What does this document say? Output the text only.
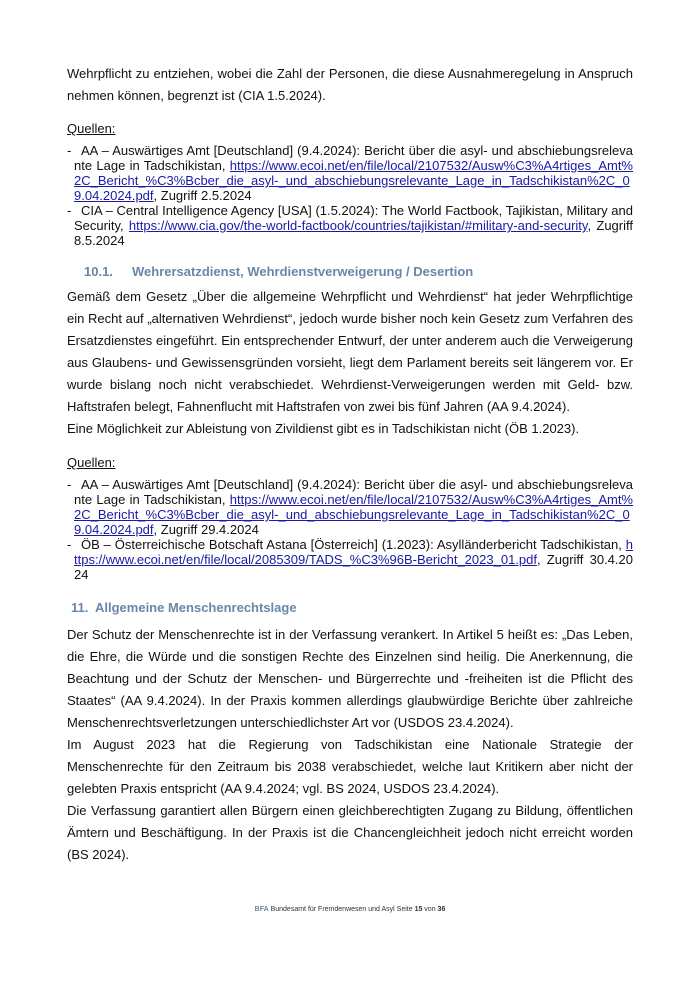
Wehrpflicht zu entziehen, wobei die Zahl der Personen, die diese Ausnahmeregelung in Anspruch nehmen können, begrenzt ist (CIA 1.5.2024).

Quellen:

- AA – Auswärtiges Amt [Deutschland] (9.4.2024): Bericht über die asyl- und abschiebungsrelevante Lage in Tadschikistan, https://www.ecoi.net/en/file/local/2107532/Ausw%C3%A4rtiges_Amt%2C_Bericht_%C3%Bcber_die_asyl-_und_abschiebungsrelevante_Lage_in_Tadschikistan%2C_09.04.2024.pdf, Zugriff 2.5.2024
- CIA – Central Intelligence Agency [USA] (1.5.2024): The World Factbook, Tajikistan, Military and Security, https://www.cia.gov/the-world-factbook/countries/tajikistan/#military-and-security, Zugriff 8.5.2024

10.1. Wehrersatzdienst, Wehrdienstverweigerung / Desertion

Gemäß dem Gesetz „Über die allgemeine Wehrpflicht und Wehrdienst“ hat jeder Wehrpflichtige ein Recht auf „alternativen Wehrdienst“, jedoch wurde bisher noch kein Gesetz zum Verfahren des Ersatzdienstes eingeführt. Ein entsprechender Entwurf, der unter anderem auch die Verweigerung aus Glaubens- und Gewissensgründen vorsieht, liegt dem Parlament bereits seit längerem vor. Er wurde bislang noch nicht verabschiedet. Wehrdienst-Verweigerungen werden mit Geld- bzw. Haftstrafen belegt, Fahnenflucht mit Haftstrafen von zwei bis fünf Jahren (AA 9.4.2024).

Eine Möglichkeit zur Ableistung von Zivildienst gibt es in Tadschikistan nicht (ÖB 1.2023).

Quellen:

- AA – Auswärtiges Amt [Deutschland] (9.4.2024): Bericht über die asyl- und abschiebungsrelevante Lage in Tadschikistan, https://www.ecoi.net/en/file/local/2107532/Ausw%C3%A4rtiges_Amt%2C_Bericht_%C3%Bcber_die_asyl-_und_abschiebungsrelevante_Lage_in_Tadschikistan%2C_09.04.2024.pdf, Zugriff 29.4.2024
- ÖB – Österreichische Botschaft Astana [Österreich] (1.2023): Asylländerbericht Tadschikistan, https://www.ecoi.net/en/file/local/2085309/TADS_%C3%96B-Bericht_2023_01.pdf, Zugriff 30.4.2024

11. Allgemeine Menschenrechtslage

Der Schutz der Menschenrechte ist in der Verfassung verankert. In Artikel 5 heißt es: „Das Leben, die Ehre, die Würde und die sonstigen Rechte des Einzelnen sind heilig. Die Anerkennung, die Beachtung und der Schutz der Menschen- und Bürgerrechte und -freiheiten ist die Pflicht des Staates“ (AA 9.4.2024). In der Praxis kommen allerdings glaubwürdige Berichte über zahlreiche Menschenrechtsverletzungen unterschiedlichster Art vor (USDOS 23.4.2024).

Im August 2023 hat die Regierung von Tadschikistan eine Nationale Strategie der Menschenrechte für den Zeitraum bis 2038 verabschiedet, welche laut Kritikern aber nicht der gelebten Praxis entspricht (AA 9.4.2024; vgl. BS 2024, USDOS 23.4.2024).

Die Verfassung garantiert allen Bürgern einen gleichberechtigten Zugang zu Bildung, öffentlichen Ämtern und Beschäftigung. In der Praxis ist die Chancengleichheit jedoch nicht erreicht worden (BS 2024).

BFA Bundesamt für Fremdenwesen und Asyl Seite 15 von 36
